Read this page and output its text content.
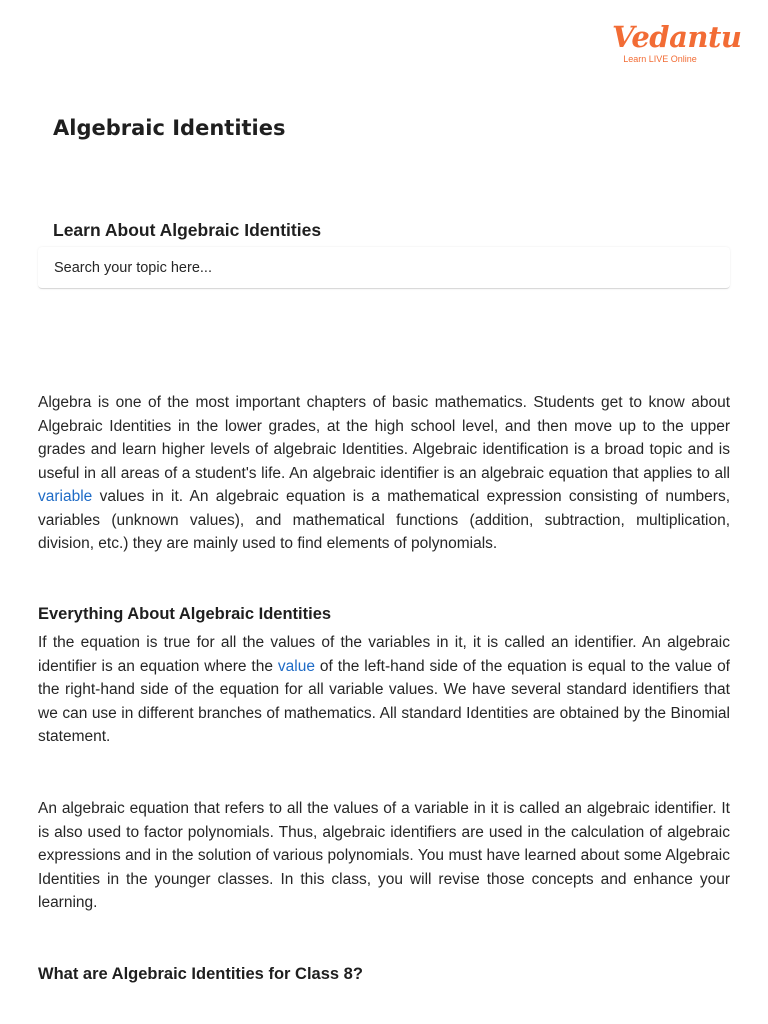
Vedantu
Learn LIVE Online
Algebraic Identities
Learn About Algebraic Identities
Search your topic here...

Algebra is one of the most important chapters of basic mathematics. Students get to know about Algebraic Identities in the lower grades, at the high school level, and then move up to the upper grades and learn higher levels of algebraic Identities. Algebraic identification is a broad topic and is useful in all areas of a student's life. An algebraic identifier is an algebraic equation that applies to all variable values in it. An algebraic equation is a mathematical expression consisting of numbers, variables (unknown values), and mathematical functions (addition, subtraction, multiplication, division, etc.) they are mainly used to find elements of polynomials.

Everything About Algebraic Identities

If the equation is true for all the values of the variables in it, it is called an identifier. An algebraic identifier is an equation where the value of the left-hand side of the equation is equal to the value of the right-hand side of the equation for all variable values. We have several standard identifiers that we can use in different branches of mathematics. All standard Identities are obtained by the Binomial statement.

An algebraic equation that refers to all the values of a variable in it is called an algebraic identifier. It is also used to factor polynomials. Thus, algebraic identifiers are used in the calculation of algebraic expressions and in the solution of various polynomials. You must have learned about some Algebraic Identities in the younger classes. In this class, you will revise those concepts and enhance your learning.

What are Algebraic Identities for Class 8?
